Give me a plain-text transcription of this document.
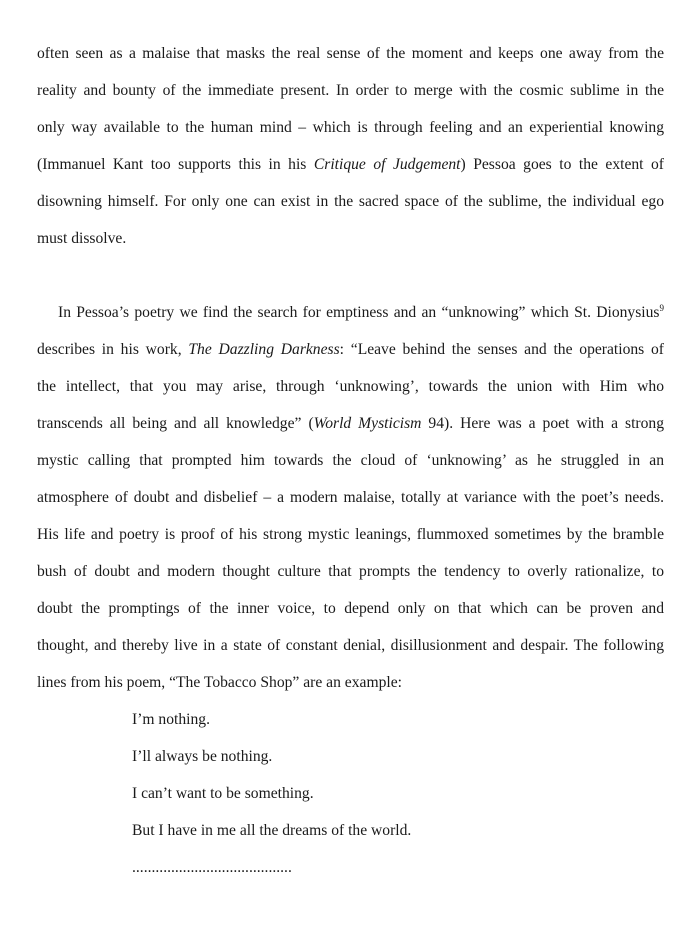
often seen as a malaise that masks the real sense of the moment and keeps one away from the
reality and bounty of the immediate present. In order to merge with the cosmic sublime in the
only way available to the human mind – which is through feeling and an experiential knowing
(Immanuel Kant too supports this in his Critique of Judgement) Pessoa goes to the extent of
disowning himself. For only one can exist in the sacred space of the sublime, the individual ego
must dissolve.
In Pessoa’s poetry we find the search for emptiness and an “unknowing” which St. Dionysius$^9$
describes in his work, The Dazzling Darkness: “Leave behind the senses and the operations of
the intellect, that you may arise, through ‘unknowing’, towards the union with Him who
transcends all being and all knowledge” (World Mysticism 94). Here was a poet with a strong
mystic calling that prompted him towards the cloud of ‘unknowing’ as he struggled in an
atmosphere of doubt and disbelief – a modern malaise, totally at variance with the poet’s needs.
His life and poetry is proof of his strong mystic leanings, flummoxed sometimes by the bramble
bush of doubt and modern thought culture that prompts the tendency to overly rationalize, to
doubt the promptings of the inner voice, to depend only on that which can be proven and
thought, and thereby live in a state of constant denial, disillusionment and despair. The following
lines from his poem, “The Tobacco Shop” are an example:
I’m nothing.
I’ll always be nothing.
I can’t want to be something.
But I have in me all the dreams of the world.
.........................................
